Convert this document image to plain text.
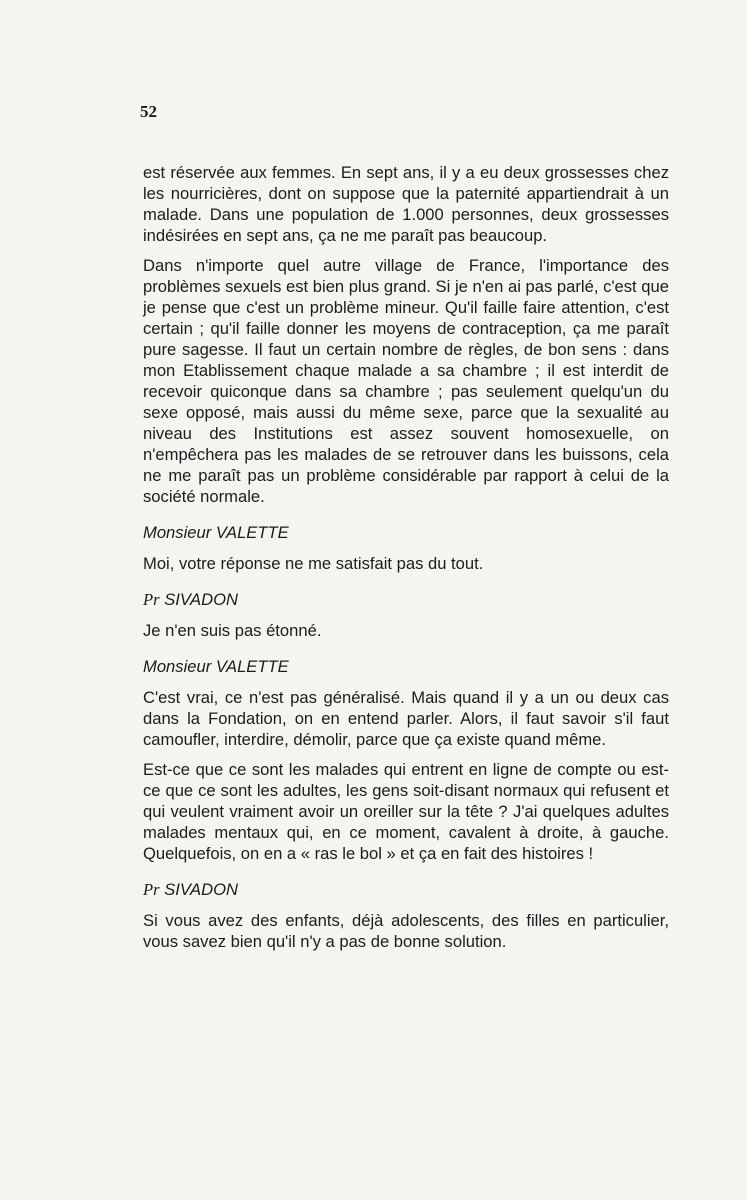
52

est réservée aux femmes. En sept ans, il y a eu deux grossesses chez les nourricières, dont on suppose que la paternité appartiendrait à un malade. Dans une population de 1.000 personnes, deux grossesses indésirées en sept ans, ça ne me paraît pas beaucoup.

Dans n'importe quel autre village de France, l'importance des problèmes sexuels est bien plus grand. Si je n'en ai pas parlé, c'est que je pense que c'est un problème mineur. Qu'il faille faire attention, c'est certain ; qu'il faille donner les moyens de contraception, ça me paraît pure sagesse. Il faut un certain nombre de règles, de bon sens : dans mon Etablissement chaque malade a sa chambre ; il est interdit de recevoir quiconque dans sa chambre ; pas seulement quelqu'un du sexe opposé, mais aussi du même sexe, parce que la sexualité au niveau des Institutions est assez souvent homosexuelle, on n'empêchera pas les malades de se retrouver dans les buissons, cela ne me paraît pas un problème considérable par rapport à celui de la société normale.

Monsieur VALETTE

Moi, votre réponse ne me satisfait pas du tout.

Pr SIVADON

Je n'en suis pas étonné.

Monsieur VALETTE

C'est vrai, ce n'est pas généralisé. Mais quand il y a un ou deux cas dans la Fondation, on en entend parler. Alors, il faut savoir s'il faut camoufler, interdire, démolir, parce que ça existe quand même.

Est-ce que ce sont les malades qui entrent en ligne de compte ou est-ce que ce sont les adultes, les gens soit-disant normaux qui refusent et qui veulent vraiment avoir un oreiller sur la tête ? J'ai quelques adultes malades mentaux qui, en ce moment, cavalent à droite, à gauche. Quelquefois, on en a « ras le bol » et ça en fait des histoires !

Pr SIVADON

Si vous avez des enfants, déjà adolescents, des filles en particulier, vous savez bien qu'il n'y a pas de bonne solution.
